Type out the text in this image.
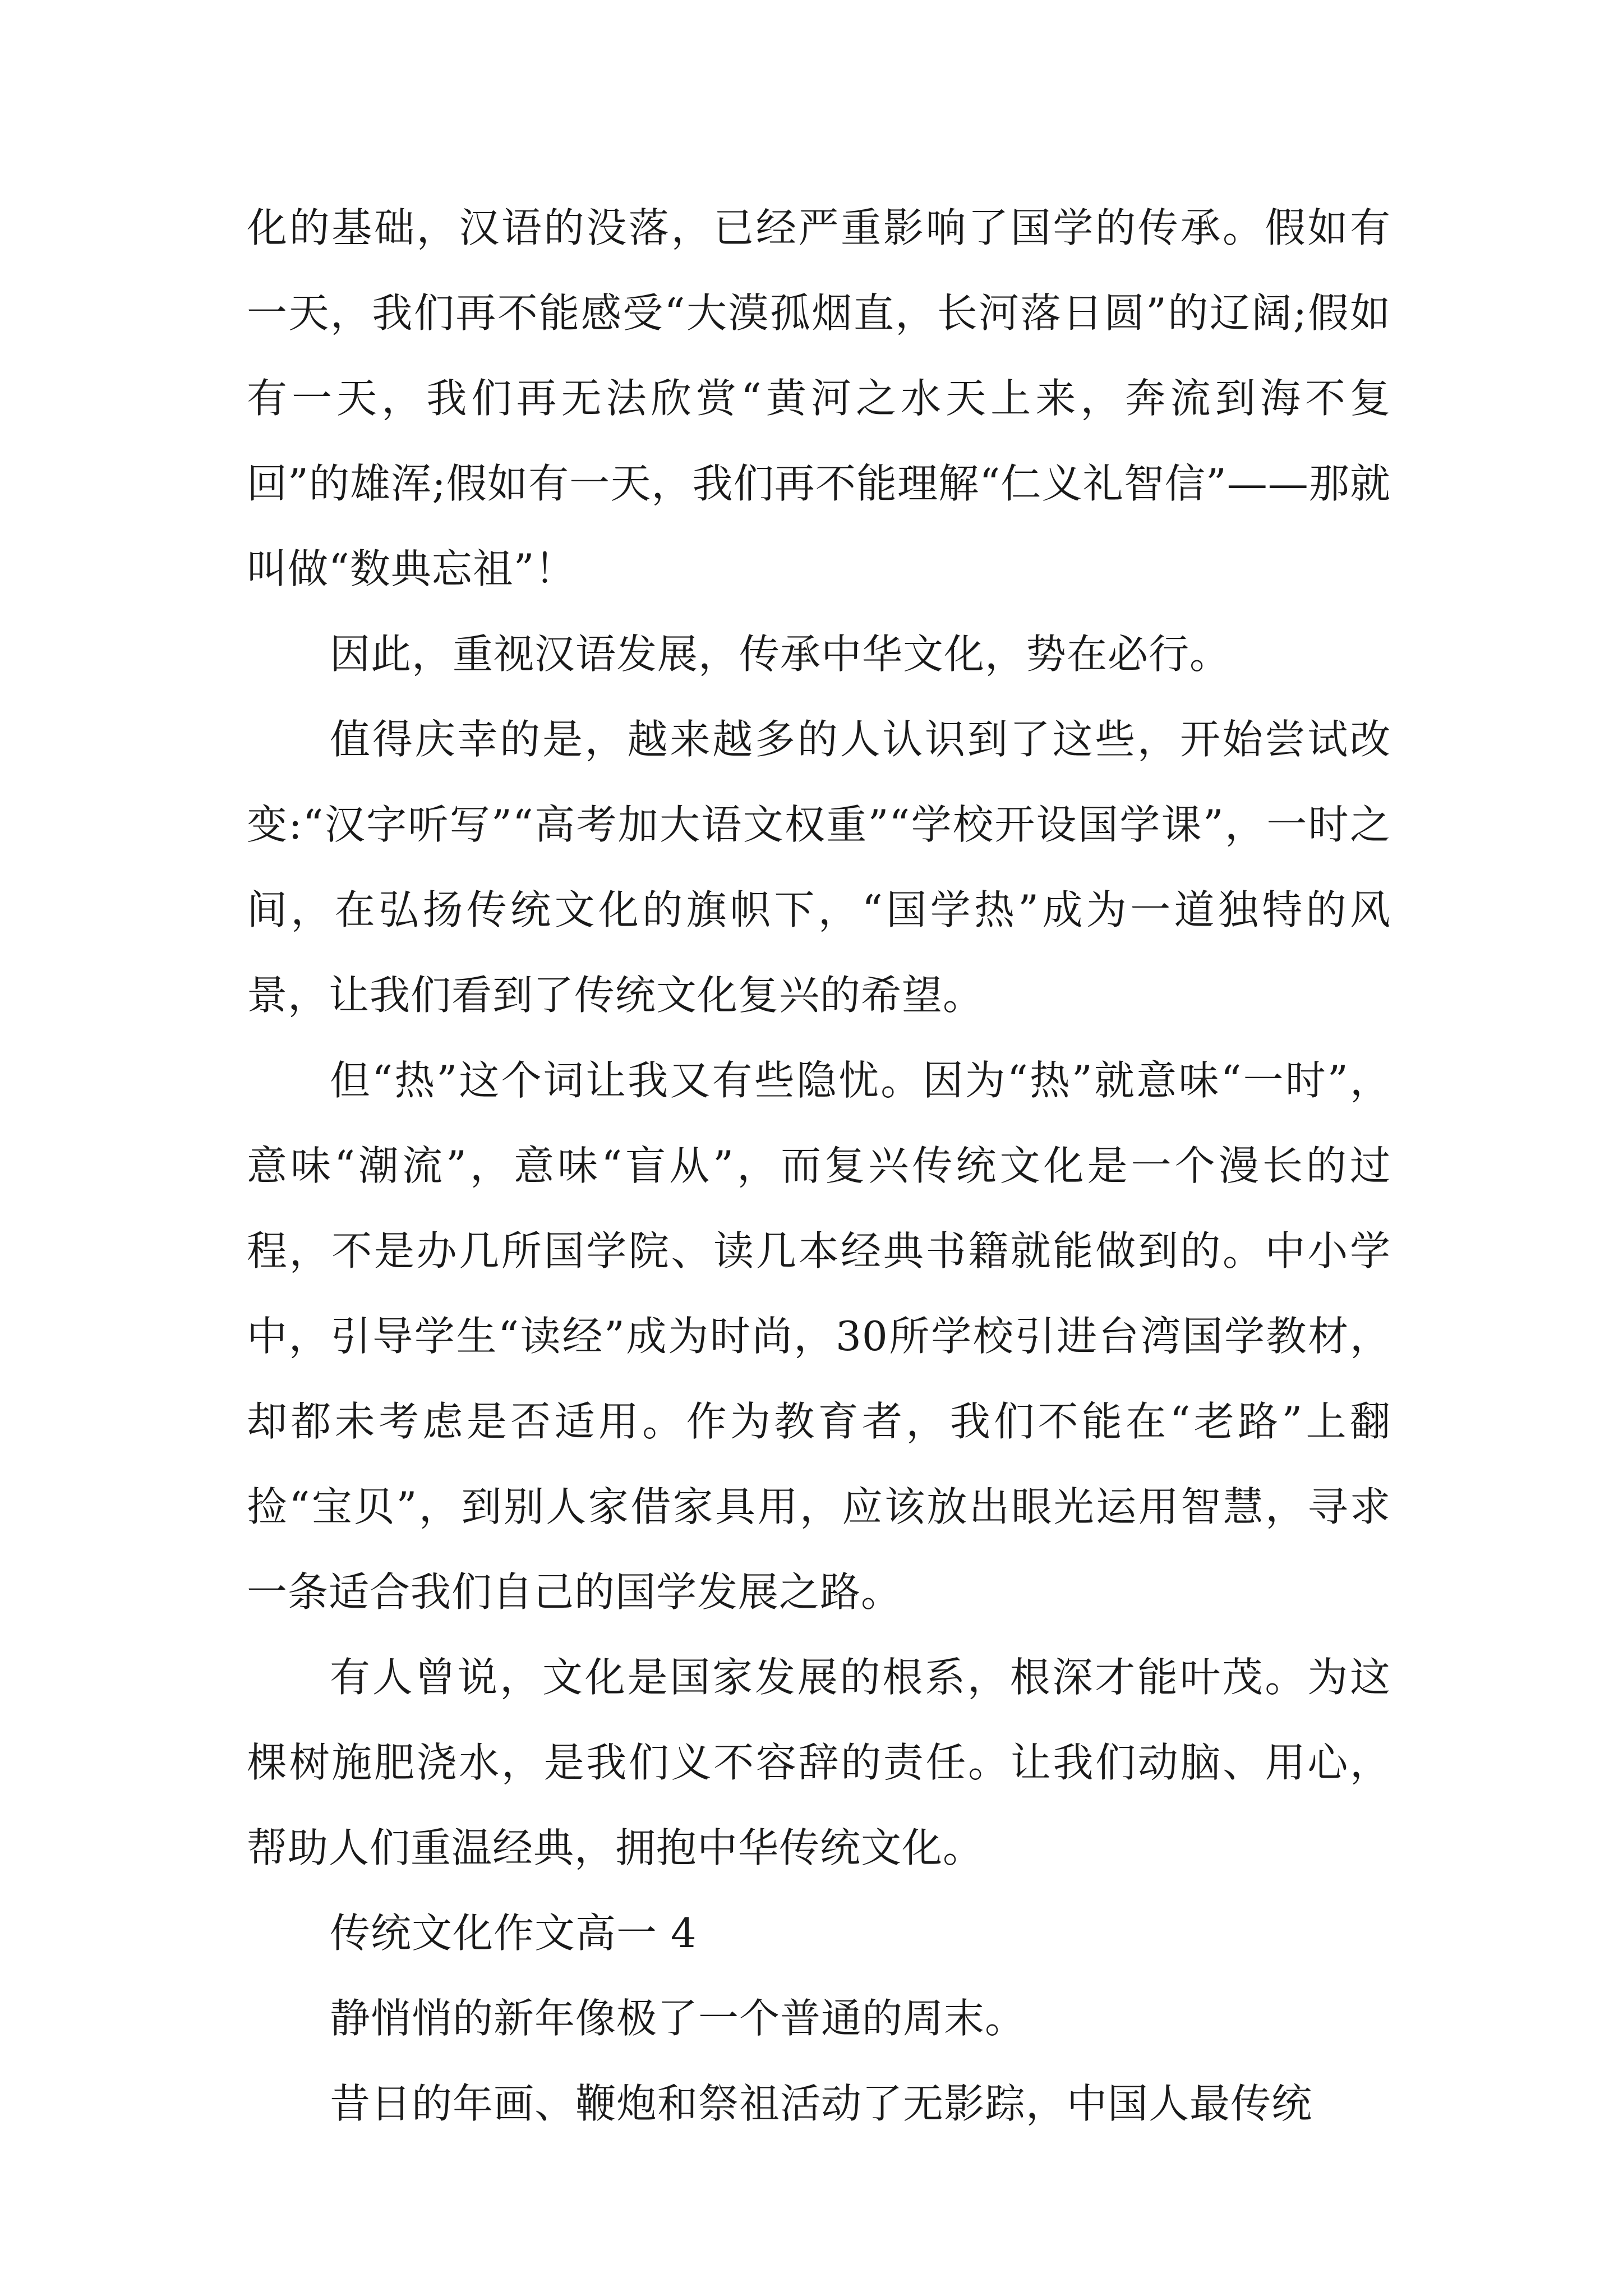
化的基础，汉语的没落，已经严重影响了国学的传承。假如有一天，我们再不能感受“大漠孤烟直，长河落日圆”的辽阔;假如有一天，我们再无法欣赏“黄河之水天上来，奔流到海不复回”的雄浑;假如有一天，我们再不能理解“仁义礼智信”——那就叫做“数典忘祖”！

因此，重视汉语发展，传承中华文化，势在必行。

值得庆幸的是，越来越多的人认识到了这些，开始尝试改变:“汉字听写”“高考加大语文权重”“学校开设国学课”，一时之间，在弘扬传统文化的旗帜下，“国学热”成为一道独特的风景，让我们看到了传统文化复兴的希望。

但“热”这个词让我又有些隐忧。因为“热”就意味“一时”，意味“潮流”，意味“盲从”，而复兴传统文化是一个漫长的过程，不是办几所国学院、读几本经典书籍就能做到的。中小学中，引导学生“读经”成为时尚，30所学校引进台湾国学教材，却都未考虑是否适用。作为教育者，我们不能在“老路”上翻捡“宝贝”，到别人家借家具用，应该放出眼光运用智慧，寻求一条适合我们自己的国学发展之路。

有人曾说，文化是国家发展的根系，根深才能叶茂。为这棵树施肥浇水，是我们义不容辞的责任。让我们动脑、用心，帮助人们重温经典，拥抱中华传统文化。

传统文化作文高一 4

静悄悄的新年像极了一个普通的周末。

昔日的年画、鞭炮和祭祖活动了无影踪，中国人最传统
